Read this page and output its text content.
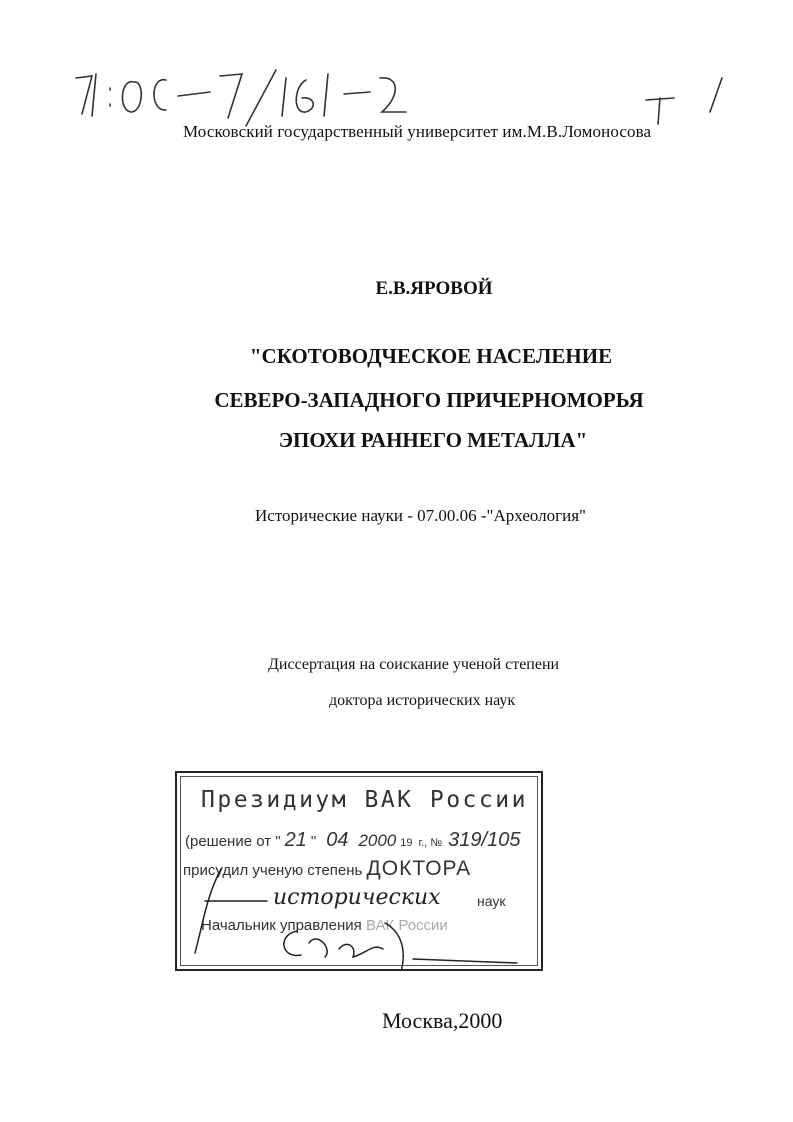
Московский государственный университет им.М.В.Ломоносова
Е.В.ЯРОВОЙ
"СКОТОВОДЧЕСКОЕ НАСЕЛЕНИЕ
СЕВЕРО-ЗАПАДНОГО ПРИЧЕРНОМОРЬЯ
ЭПОХИ РАННЕГО МЕТАЛЛА"
Исторические науки - 07.00.06 -"Археология"
Диссертация на соискание ученой степени
доктора исторических наук
Президиум ВАК России
(решение от " 21 " 04 2000 19 г., № 319/105
присудил ученую степень ДОКТОРА
исторических	наук
Начальник управления ВАК России
Москва,2000
